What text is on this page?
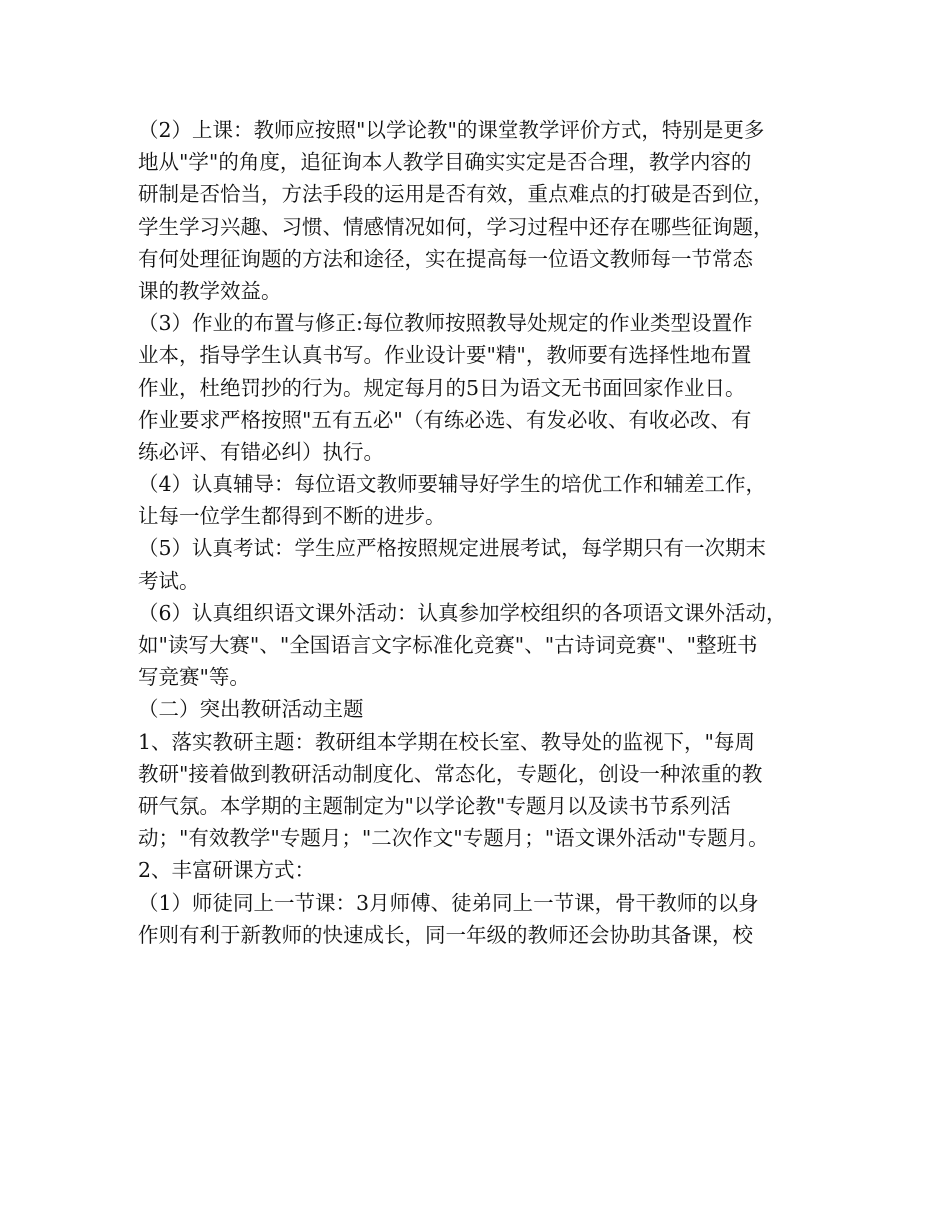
（2）上课：教师应按照"以学论教"的课堂教学评价方式，特别是更多
地从"学"的角度，追征询本人教学目确实实定是否合理，教学内容的
研制是否恰当，方法手段的运用是否有效，重点难点的打破是否到位，
学生学习兴趣、习惯、情感情况如何，学习过程中还存在哪些征询题，
有何处理征询题的方法和途径，实在提高每一位语文教师每一节常态
课的教学效益。
（3）作业的布置与修正:每位教师按照教导处规定的作业类型设置作
业本，指导学生认真书写。作业设计要"精"，教师要有选择性地布置
作业，杜绝罚抄的行为。规定每月的5日为语文无书面回家作业日。
作业要求严格按照"五有五必"（有练必选、有发必收、有收必改、有
练必评、有错必纠）执行。
（4）认真辅导：每位语文教师要辅导好学生的培优工作和辅差工作，
让每一位学生都得到不断的进步。
（5）认真考试：学生应严格按照规定进展考试，每学期只有一次期末
考试。
（6）认真组织语文课外活动：认真参加学校组织的各项语文课外活动，
如"读写大赛"、"全国语言文字标准化竞赛"、"古诗词竞赛"、"整班书
写竞赛"等。
（二）突出教研活动主题
1、落实教研主题：教研组本学期在校长室、教导处的监视下，"每周
教研"接着做到教研活动制度化、常态化，专题化，创设一种浓重的教
研气氛。本学期的主题制定为"以学论教"专题月以及读书节系列活
动；"有效教学"专题月；"二次作文"专题月；"语文课外活动"专题月。
2、丰富研课方式：
（1）师徒同上一节课：3月师傅、徒弟同上一节课，骨干教师的以身
作则有利于新教师的快速成长，同一年级的教师还会协助其备课，校
